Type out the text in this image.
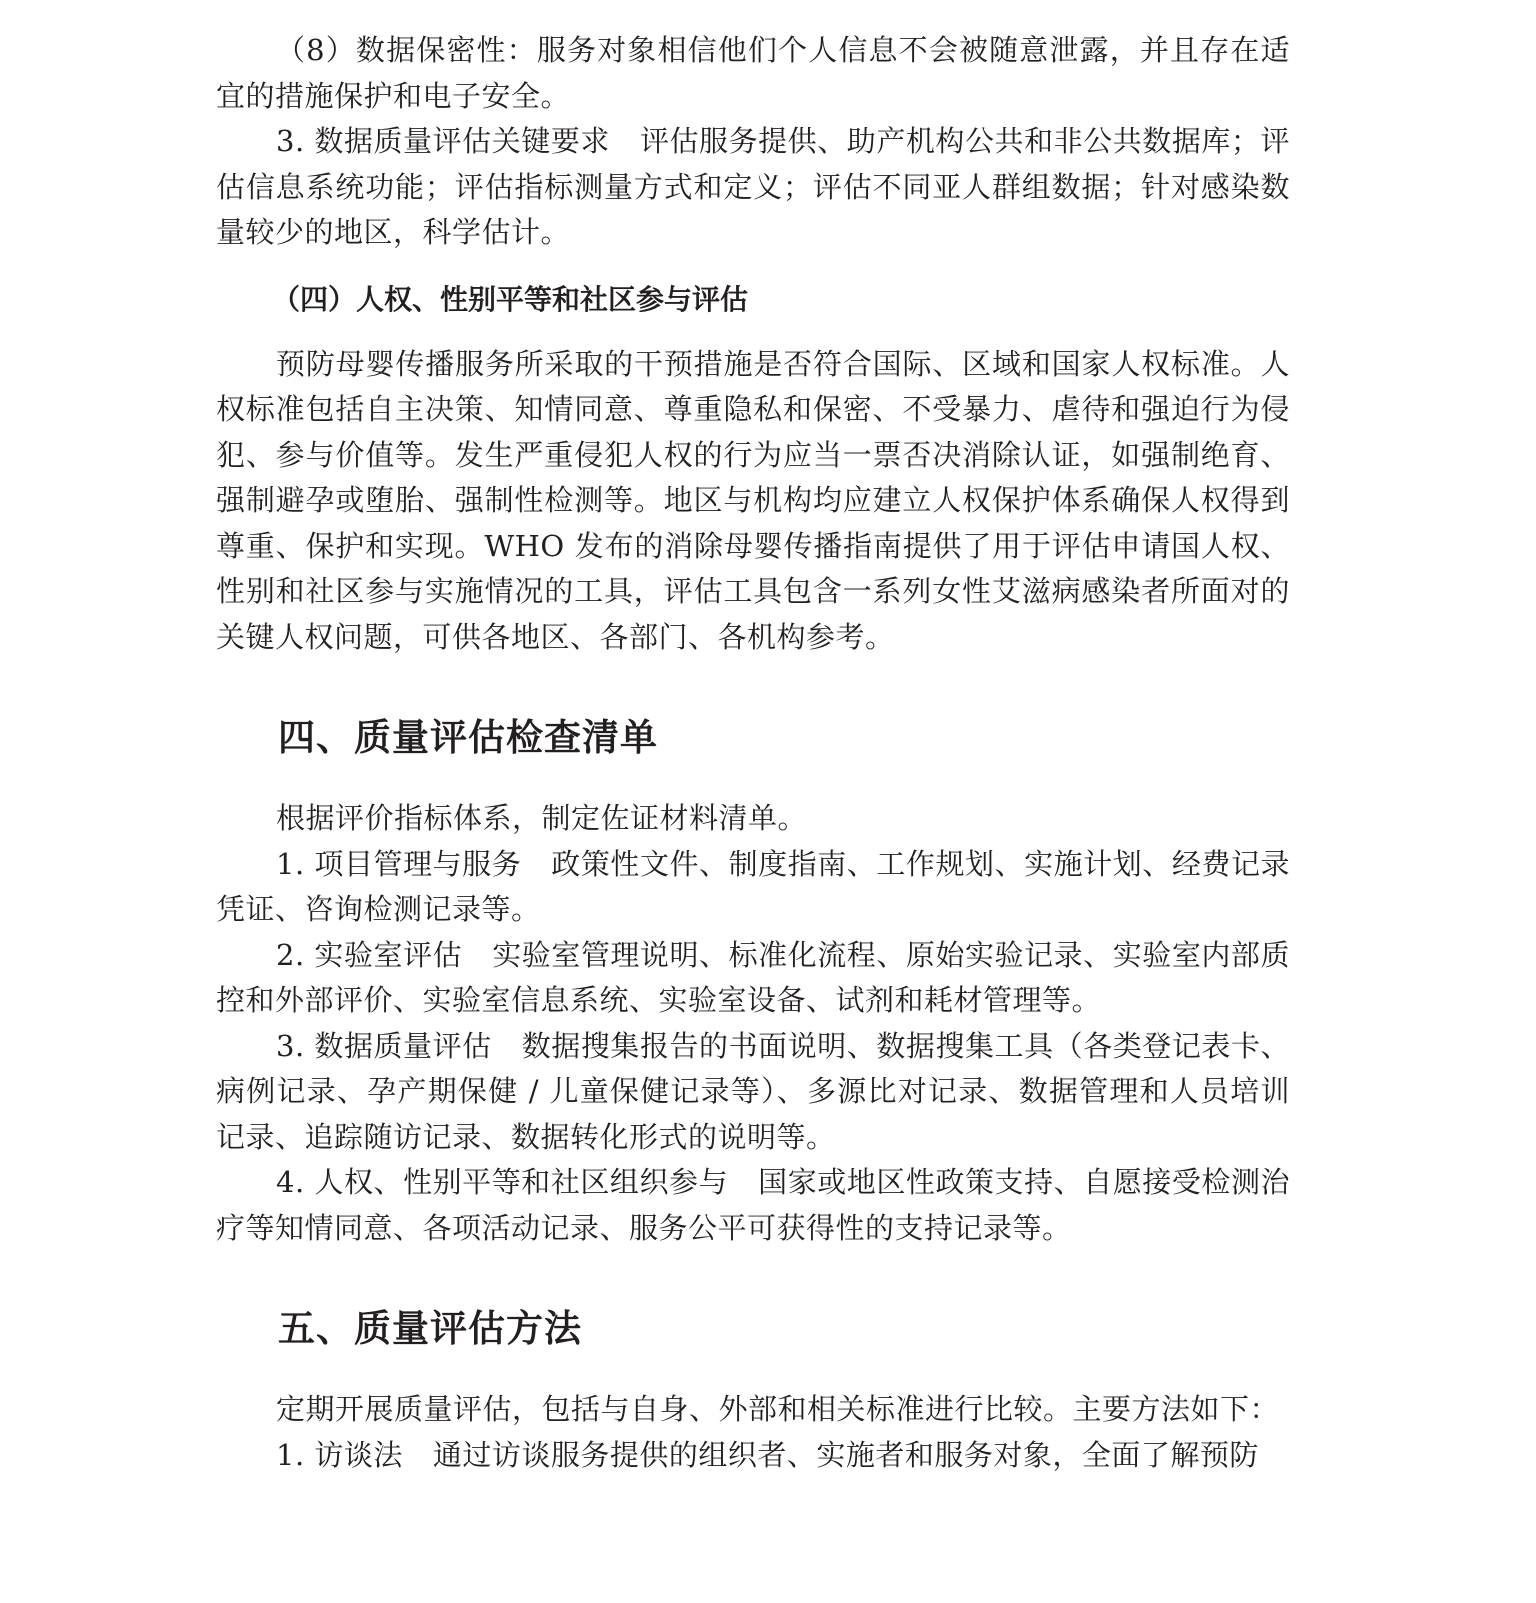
（8）数据保密性：服务对象相信他们个人信息不会被随意泄露，并且存在适宜的措施保护和电子安全。

3. 数据质量评估关键要求 评估服务提供、助产机构公共和非公共数据库；评估信息系统功能；评估指标测量方式和定义；评估不同亚人群组数据；针对感染数量较少的地区，科学估计。

（四）人权、性别平等和社区参与评估

预防母婴传播服务所采取的干预措施是否符合国际、区域和国家人权标准。人权标准包括自主决策、知情同意、尊重隐私和保密、不受暴力、虐待和强迫行为侵犯、参与价值等。发生严重侵犯人权的行为应当一票否决消除认证，如强制绝育、强制避孕或堕胎、强制性检测等。地区与机构均应建立人权保护体系确保人权得到尊重、保护和实现。WHO 发布的消除母婴传播指南提供了用于评估申请国人权、性别和社区参与实施情况的工具，评估工具包含一系列女性艾滋病感染者所面对的关键人权问题，可供各地区、各部门、各机构参考。

四、质量评估检查清单

根据评价指标体系，制定佐证材料清单。

1. 项目管理与服务 政策性文件、制度指南、工作规划、实施计划、经费记录凭证、咨询检测记录等。

2. 实验室评估 实验室管理说明、标准化流程、原始实验记录、实验室内部质控和外部评价、实验室信息系统、实验室设备、试剂和耗材管理等。

3. 数据质量评估 数据搜集报告的书面说明、数据搜集工具（各类登记表卡、病例记录、孕产期保健 / 儿童保健记录等）、多源比对记录、数据管理和人员培训记录、追踪随访记录、数据转化形式的说明等。

4. 人权、性别平等和社区组织参与 国家或地区性政策支持、自愿接受检测治疗等知情同意、各项活动记录、服务公平可获得性的支持记录等。

五、质量评估方法

定期开展质量评估，包括与自身、外部和相关标准进行比较。主要方法如下：

1. 访谈法 通过访谈服务提供的组织者、实施者和服务对象，全面了解预防
